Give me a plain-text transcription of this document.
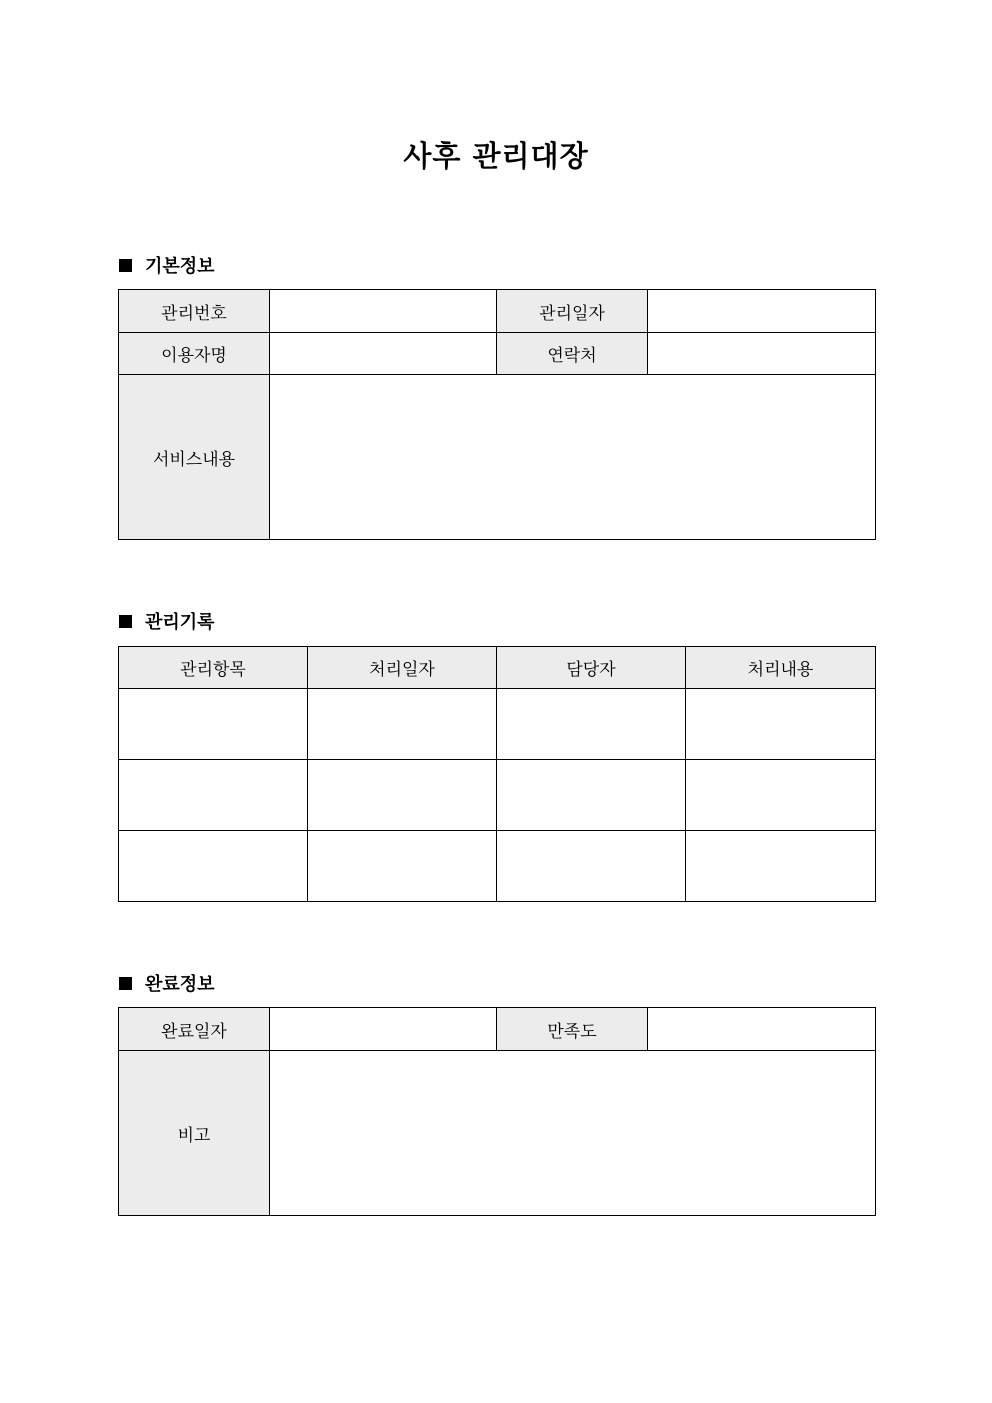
사후 관리대장
기본정보
관리번호		관리일자	
이용자명		연락처	
서비스내용			
관리기록
관리항목	처리일자	담당자	처리내용

완료정보
완료일자		만족도	
비고			
